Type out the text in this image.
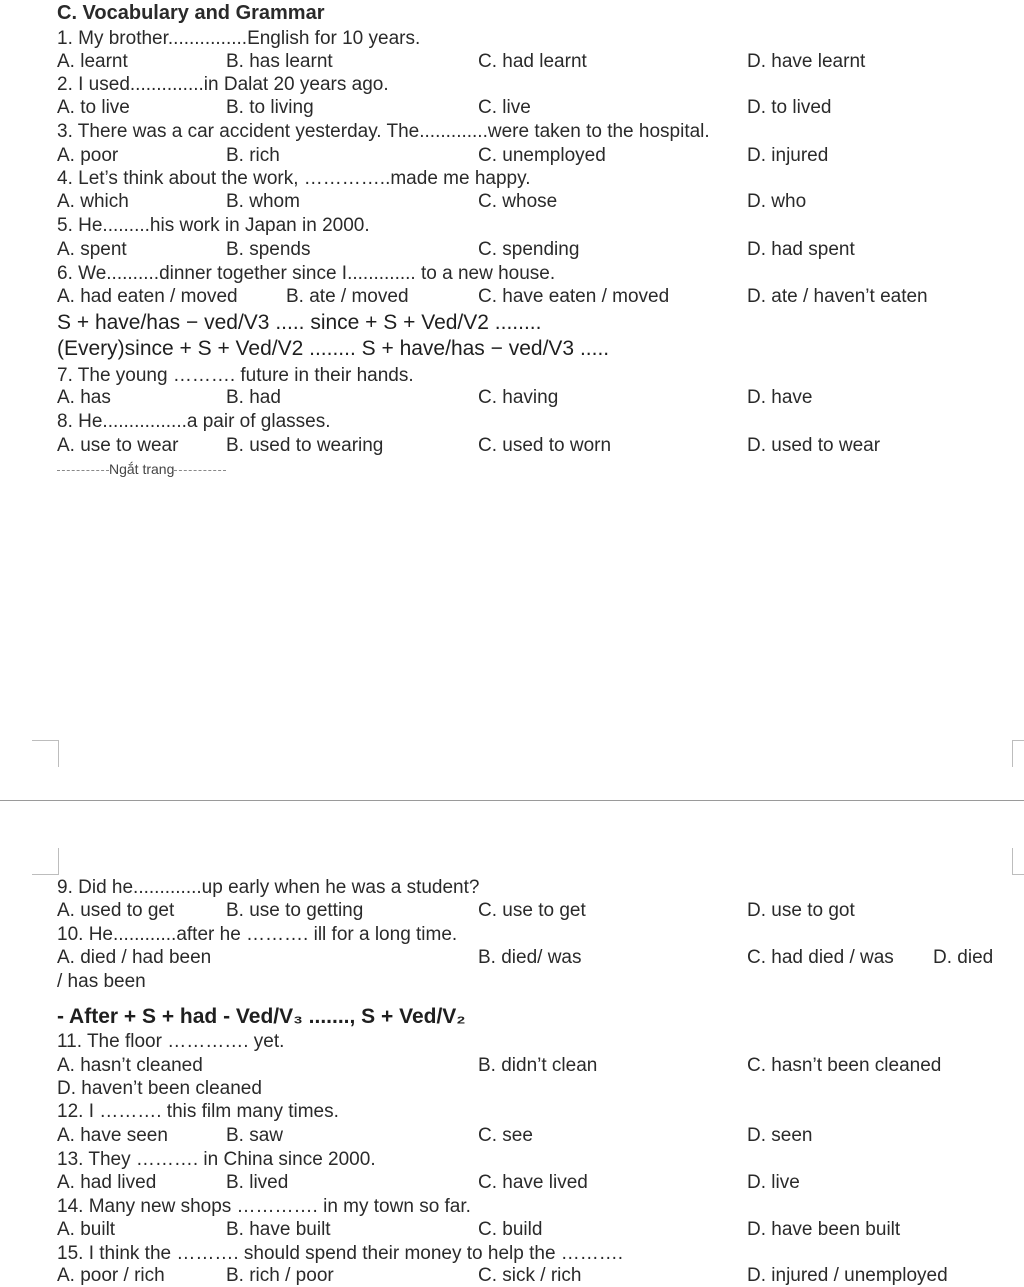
C. Vocabulary and Grammar
1. My brother...............English for 10 years.
A. learnt	B. has learnt	C. had learnt	D. have learnt
2. I used..............in Dalat 20 years ago.
A. to live	B. to living	C. live	D. to lived
3. There was a car accident yesterday. The.............were taken to the hospital.
A. poor	B. rich	C. unemployed	D. injured
4. Let’s think about the work, …………..made me happy.
A. which	B. whom	C. whose	D. who
5. He.........his work in Japan in 2000.
A. spent	B. spends	C. spending	D. had spent
6. We..........dinner together since I............. to a new house.
A. had eaten / moved	B. ate / moved	C. have eaten / moved	D. ate / haven’t eaten
S + have/has − ved/V3 ..... since + S + Ved/V2 ........
(Every)since + S + Ved/V2 ........ S + have/has − ved/V3 .....
7. The young ………. future in their hands.
A. has	B. had	C. having	D. have
8. He................a pair of glasses.
A. use to wear	B. used to wearing	C. used to worn	D. used to wear
Ngắt trang
9. Did he.............up early when he was a student?
A. used to get	B. use to getting	C. use to get	D. use to got
10. He............after he ………. ill for a long time.
A. died / had been	B. died/ was	C. had died / was D. died
/ has been
- After + S + had - Ved/V₃ ......., S + Ved/V₂
11. The floor …………. yet.
A. hasn’t cleaned	B. didn’t clean	C. hasn’t been cleaned
D. haven’t been cleaned
12. I ………. this film many times.
A. have seen	B. saw	C. see	D. seen
13. They ………. in China since 2000.
A. had lived	B. lived	C. have lived	D. live
14. Many new shops …………. in my town so far.
A. built	B. have built	C. build	D. have been built
15. I think the ………. should spend their money to help the ……….
A. poor / rich	B. rich / poor	C. sick / rich	D. injured / unemployed
